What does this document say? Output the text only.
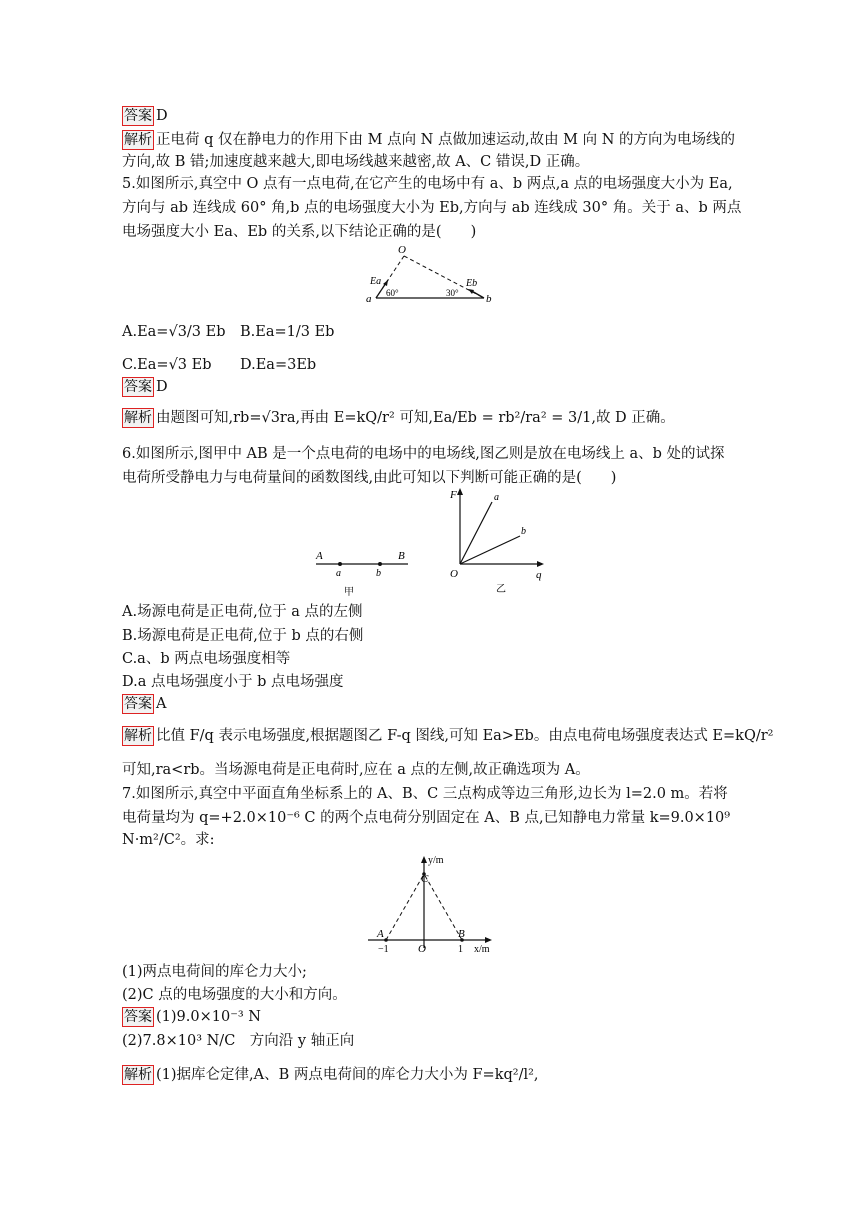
答案 D
解析 正电荷 q 仅在静电力的作用下由 M 点向 N 点做加速运动,故由 M 向 N 的方向为电场线的
方向,故 B 错;加速度越来越大,即电场线越来越密,故 A、C 错误,D 正确。
5.如图所示,真空中 O 点有一点电荷,在它产生的电场中有 a、b 两点,a 点的电场强度大小为 Ea,
方向与 ab 连线成 60° 角,b 点的电场强度大小为 Eb,方向与 ab 连线成 30° 角。关于 a、b 两点
电场强度大小 Ea、Eb 的关系,以下结论正确的是(　　)
O
a	b
Ea	Eb
60°	30°
A.Ea=√3/3 Eb B.Ea=1/3 Eb
C.Ea=√3 Eb D.Ea=3Eb
答案 D
解析 由题图可知,rb=√3ra,再由 E=kQ/r² 可知,Ea/Eb = rb²/ra² = 3/1,故 D 正确。
6.如图所示,图甲中 AB 是一个点电荷的电场中的电场线,图乙则是放在电场线上 a、b 处的试探
电荷所受静电力与电荷量间的函数图线,由此可知以下判断可能正确的是(　　)
A	B
a	b
甲
F
O	q
a
b
乙
A.场源电荷是正电荷,位于 a 点的左侧
B.场源电荷是正电荷,位于 b 点的右侧
C.a、b 两点电场强度相等
D.a 点电场强度小于 b 点电场强度
答案 A
解析 比值 F/q 表示电场强度,根据题图乙 F-q 图线,可知 Ea>Eb。由点电荷电场强度表达式 E=kQ/r²
可知,ra<rb。当场源电荷是正电荷时,应在 a 点的左侧,故正确选项为 A。
7.如图所示,真空中平面直角坐标系上的 A、B、C 三点构成等边三角形,边长为 l=2.0 m。若将
电荷量均为 q=+2.0×10⁻⁶ C 的两个点电荷分别固定在 A、B 点,已知静电力常量 k=9.0×10⁹
N·m²/C²。求:
y/m
x/m
A	B
C
O
−1	1
(1)两点电荷间的库仑力大小;
(2)C 点的电场强度的大小和方向。
答案 (1)9.0×10⁻³ N
(2)7.8×10³ N/C　方向沿 y 轴正向
解析 (1)据库仑定律,A、B 两点电荷间的库仑力大小为 F=kq²/l²,
